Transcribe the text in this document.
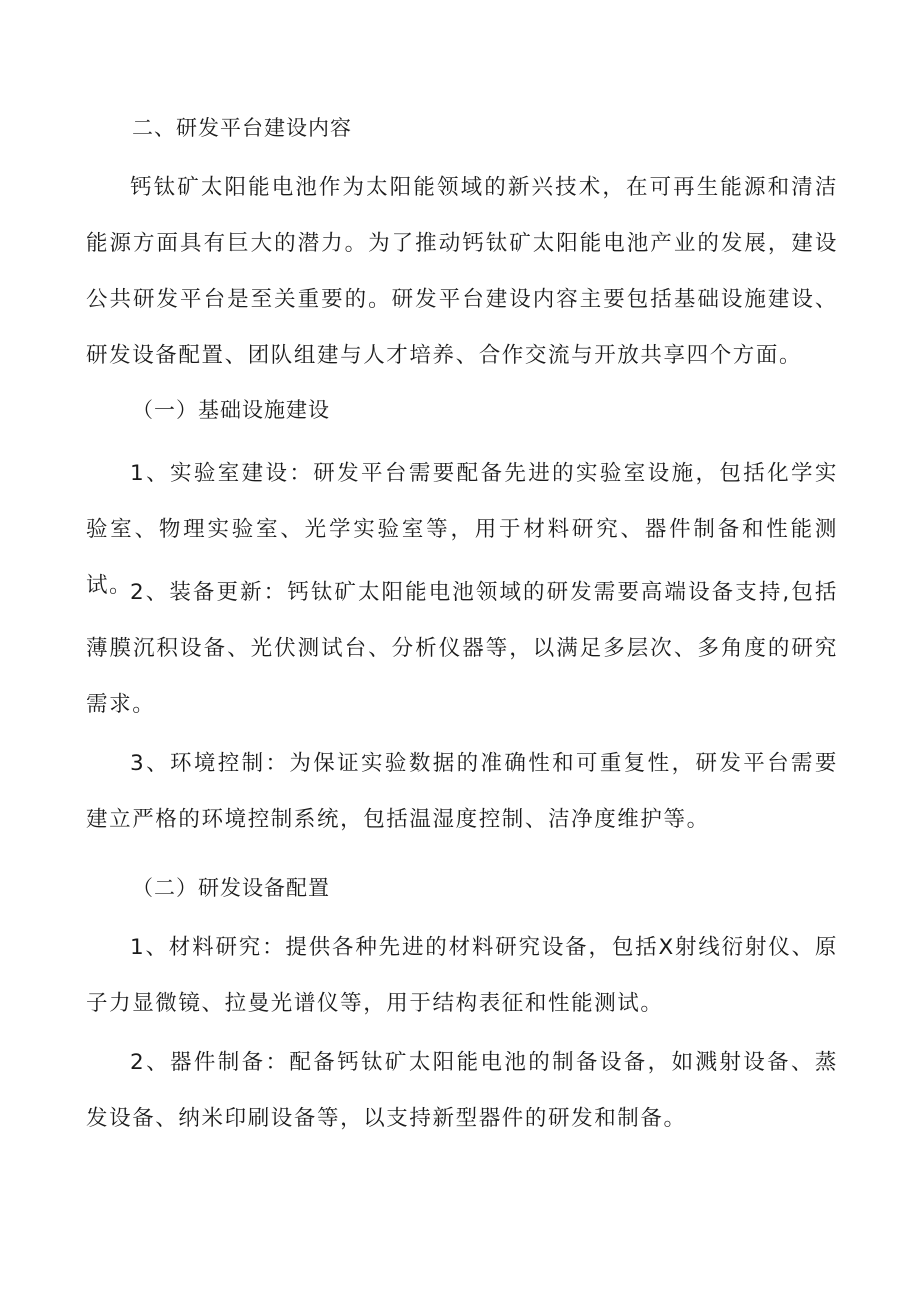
二、研发平台建设内容

钙钛矿太阳能电池作为太阳能领域的新兴技术，在可再生能源和清洁能源方面具有巨大的潜力。为了推动钙钛矿太阳能电池产业的发展，建设公共研发平台是至关重要的。研发平台建设内容主要包括基础设施建设、研发设备配置、团队组建与人才培养、合作交流与开放共享四个方面。

（一）基础设施建设

1、实验室建设：研发平台需要配备先进的实验室设施，包括化学实验室、物理实验室、光学实验室等，用于材料研究、器件制备和性能测试。

2、装备更新：钙钛矿太阳能电池领域的研发需要高端设备支持,包括薄膜沉积设备、光伏测试台、分析仪器等，以满足多层次、多角度的研究需求。

3、环境控制：为保证实验数据的准确性和可重复性，研发平台需要建立严格的环境控制系统，包括温湿度控制、洁净度维护等。

（二）研发设备配置

1、材料研究：提供各种先进的材料研究设备，包括X射线衍射仪、原子力显微镜、拉曼光谱仪等，用于结构表征和性能测试。

2、器件制备：配备钙钛矿太阳能电池的制备设备，如溅射设备、蒸发设备、纳米印刷设备等，以支持新型器件的研发和制备。
